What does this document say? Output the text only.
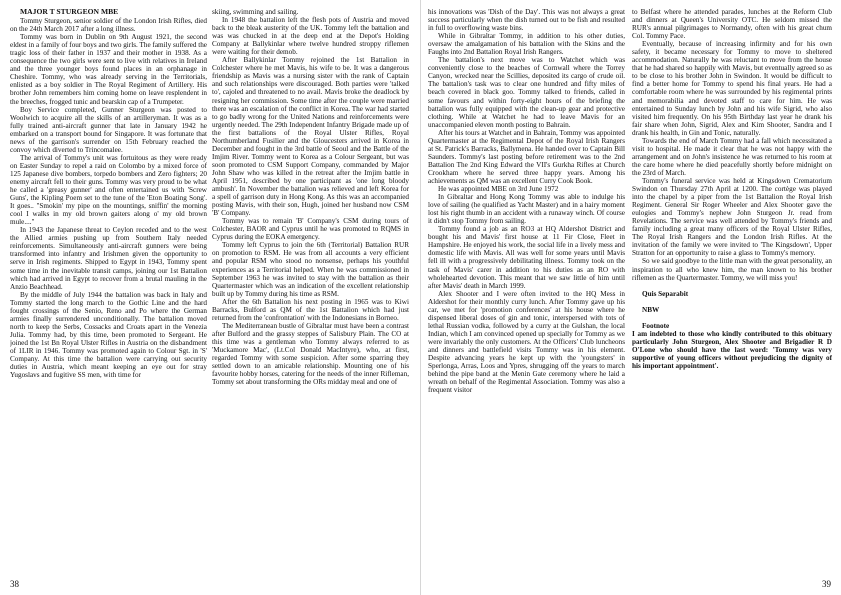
MAJOR T STURGEON MBE

Tommy Sturgeon, senior soldier of the London Irish Rifles, died on the 24th March 2017 after a long illness.

Tommy was born in Dublin on 9th August 1921, the second eldest in a family of four boys and two girls. The family suffered the tragic loss of their father in 1937 and their mother in 1938. As a consequence the two girls were sent to live with relatives in Ireland and the three younger boys found places in an orphanage in Cheshire. Tommy, who was already serving in the Territorials, enlisted as a boy soldier in The Royal Regiment of Artillery. His brother John remembers him coming home on leave resplendent in the breeches, frogged tunic and bearskin cap of a Trumpeter.

Boy Service completed, Gunner Sturgeon was posted to Woolwich to acquire all the skills of an artilleryman. It was as a fully trained anti-aircraft gunner that late in January 1942 he embarked on a transport bound for Singapore. It was fortunate that news of the garrison's surrender on 15th February reached the convoy which diverted to Trincomalee.

The arrival of Tommy's unit was fortuitous as they were ready on Easter Sunday to repel a raid on Colombo by a mixed force of 125 Japanese dive bombers, torpedo bombers and Zero fighters; 20 enemy aircraft fell to their guns. Tommy was very proud to be what he called a 'greasy gunner' and often entertained us with 'Screw Guns', the Kipling Poem set to the tune of the 'Eton Boating Song'. It goes.. "Smokin' my pipe on the mountings, sniffin' the morning cool I walks in my old brown gaiters along o' my old brown mule...."

In 1943 the Japanese threat to Ceylon receded and to the west the Allied armies pushing up from Southern Italy needed reinforcements. Simultaneously anti-aircraft gunners were being transformed into infantry and Irishmen given the opportunity to serve in Irish regiments. Shipped to Egypt in 1943, Tommy spent some time in the inevitable transit camps, joining our 1st Battalion which had arrived in Egypt to recover from a brutal mauling in the Anzio Beachhead.

By the middle of July 1944 the battalion was back in Italy and Tommy started the long march to the Gothic Line and the hard fought crossings of the Senio, Reno and Po where the German armies finally surrendered unconditionally. The battalion moved north to keep the Serbs, Cossacks and Croats apart in the Venezia Julia. Tommy had, by this time, been promoted to Sergeant. He joined the 1st Bn Royal Ulster Rifles in Austria on the disbandment of 1LIR in 1946. Tommy was promoted again to Colour Sgt. in 'S' Company. At this time the battalion were carrying out security duties in Austria, which meant keeping an eye out for stray Yugoslavs and fugitive SS men, with time for

skiing, swimming and sailing.

In 1948 the battalion left the flesh pots of Austria and moved back to the bleak austerity of the UK. Tommy left the battalion and was was chucked in at the deep end at the Depot's Holding Company at Ballykinlar where twelve hundred stroppy riflemen were waiting for their demob.

After Ballykinlar Tommy rejoined the 1st Battalion in Colchester where he met Mavis, his wife to be. It was a dangerous friendship as Mavis was a nursing sister with the rank of Captain and such relationships were discouraged. Both parties were 'talked to', cajoled and threatened to no avail. Mavis broke the deadlock by resigning her commission. Some time after the couple were married there was an escalation of the conflict in Korea. The war had started to go badly wrong for the United Nations and reinforcements were urgently needed. The 29th Independent Infantry Brigade made up of the first battalions of the Royal Ulster Rifles, Royal Northumberland Fusilier and the Gloucesters arrived in Korea in December and fought in the 3rd battle of Seoul and the Battle of the Imjim River. Tommy went to Korea as a Colour Sergeant, but was soon promoted to CSM Support Company, commanded by Major John Shaw who was killed in the retreat after the Imjim battle in April 1951, described by one participant as 'one long bloody ambush'. In November the battalion was relieved and left Korea for a spell of garrison duty in Hong Kong. As this was an accompanied posting Mavis, with their son, Hugh, joined her husband now CSM 'B' Company.

Tommy was to remain 'B' Company's CSM during tours of Colchester, BAOR and Cyprus until he was promoted to RQMS in Cyprus during the EOKA emergency.

Tommy left Cyprus to join the 6th (Territorial) Battalion RUR on promotion to RSM. He was from all accounts a very efficient and popular RSM who stood no nonsense, perhaps his youthful experiences as a Territorial helped. When he was commissioned in September 1963 he was invited to stay with the battalion as their Quartermaster which was an indication of the excellent relationship built up by Tommy during his time as RSM.

After the 6th Battalion his next posting in 1965 was to Kiwi Barracks, Bulford as QM of the 1st Battalion which had just returned from the 'confrontation' with the Indonesians in Borneo.

The Mediterranean bustle of Gibraltar must have been a contrast after Bulford and the grassy steppes of Salisbury Plain. The CO at this time was a gentleman who Tommy always referred to as 'Muckamore Mac', (Lt.Col Donald MacIntyre), who, at first, regarded Tommy with some suspicion. After some sparring they settled down to an amicable relationship. Mounting one of his favourite hobby horses, catering for the needs of the inner Rifleman, Tommy set about transforming the ORs midday meal and one of

38

his innovations was 'Dish of the Day'. This was not always a great success particularly when the dish turned out to be fish and resulted in full to overflowing waste bins.

While in Gibraltar Tommy, in addition to his other duties, oversaw the amalgamation of his battalion with the Skins and the Faughs into 2nd Battalion Royal Irish Rangers.

The battalion's next move was to Watchet which was conveniently close to the beaches of Cornwall where the Torrey Canyon, wrecked near the Scillies, deposited its cargo of crude oil. The battalion's task was to clear one hundred and fifty miles of beach covered in black goo. Tommy talked to friends, called in some favours and within forty-eight hours of the briefing the battalion was fully equipped with the clean-up gear and protective clothing. While at Watchet he had to leave Mavis for an unaccompanied eleven month posting to Bahrain.

After his tours at Watchet and in Bahrain, Tommy was appointed Quartermaster at the Regimental Depot of the Royal Irish Rangers at St. Patrick's Barracks, Ballymena. He handed over to Captain Bill Saunders. Tommy's last posting before retirement was to the 2nd Battalion The 2nd King Edward the VII's Gurkha Rifles at Church Crookham where he served three happy years. Among his achievements as QM was an excellent Curry Cook Book.

He was appointed MBE on 3rd June 1972

In Gibraltar and Hong Kong Tommy was able to indulge his love of sailing (he qualified as Yacht Master) and in a hairy moment lost his right thumb in an accident with a runaway winch. Of course it didn't stop Tommy from sailing.

Tommy found a job as an RO3 at HQ Aldershot District and bought his and Mavis' first house at 11 Fir Close, Fleet in Hampshire. He enjoyed his work, the social life in a lively mess and domestic life with Mavis. All was well for some years until Mavis fell ill with a progressively debilitating illness. Tommy took on the task of Mavis' carer in addition to his duties as an RO with wholehearted devotion. This meant that we saw little of him until after Mavis' death in March 1999.

Alex Shooter and I were often invited to the HQ Mess in Aldershot for their monthly curry lunch. After Tommy gave up his car, we met for 'promotion conferences' at his house where he dispensed liberal doses of gin and tonic, interspersed with tots of lethal Russian vodka, followed by a curry at the Gulshan, the local Indian, which I am convinced opened up specially for Tommy as we were invariably the only customers. At the Officers' Club luncheons and dinners and battlefield visits Tommy was in his element. Despite advancing years he kept up with the 'youngsters' in Sperlonga, Arras, Loos and Ypres, shrugging off the years to march behind the pipe band at the Menin Gate ceremony where he laid a wreath on behalf of the Regimental Association. Tommy was also a frequent visitor

to Belfast where he attended parades, lunches at the Reform Club and dinners at Queen's University OTC. He seldom missed the RUR's annual pilgrimages to Normandy, often with his great chum Col. Tommy Pace.

Eventually, because of increasing infirmity and for his own safety, it became necessary for Tommy to move to sheltered accommodation. Naturally he was reluctant to move from the house that he had shared so happily with Mavis, but eventually agreed so as to be close to his brother John in Swindon. It would be difficult to find a better home for Tommy to spend his final years. He had a comfortable room where he was surrounded by his regimental prints and memorabilia and devoted staff to care for him. He was entertained to Sunday lunch by John and his wife Sigrid, who also visited him frequently. On his 95th Birthday last year he drank his fair share when John, Sigrid, Alex and Kim Shooter, Sandra and I drank his health, in Gin and Tonic, naturally.

Towards the end of March Tommy had a fall which necessitated a visit to hospital. He made it clear that he was not happy with the arrangement and on John's insistence he was returned to his room at the care home where he died peacefully shortly before midnight on the 23rd of March.

Tommy's funeral service was held at Kingsdown Crematorium Swindon on Thursday 27th April at 1200. The cortège was played into the chapel by a piper from the 1st Battalion the Royal Irish Regiment. General Sir Roger Wheeler and Alex Shooter gave the eulogies and Tommy's nephew John Sturgeon Jr. read from Revelations. The service was well attended by Tommy's friends and family including a great many officers of the Royal Ulster Rifles, The Royal Irish Rangers and the London Irish Rifles. At the invitation of the family we were invited to 'The Kingsdown', Upper Stratton for an opportunity to raise a glass to Tommy's memory.

So we said goodbye to the little man with the great personality, an inspiration to all who knew him, the man known to his brother riflemen as the Quartermaster. Tommy, we will miss you!

Quis Separabit

NBW

Footnote

I am indebted to those who kindly contributed to this obituary particularly John Sturgeon, Alex Shooter and Brigadier R D O'Lone who should have the last word: 'Tommy was very supportive of young officers without prejudicing the dignity of his important appointment'.

39
